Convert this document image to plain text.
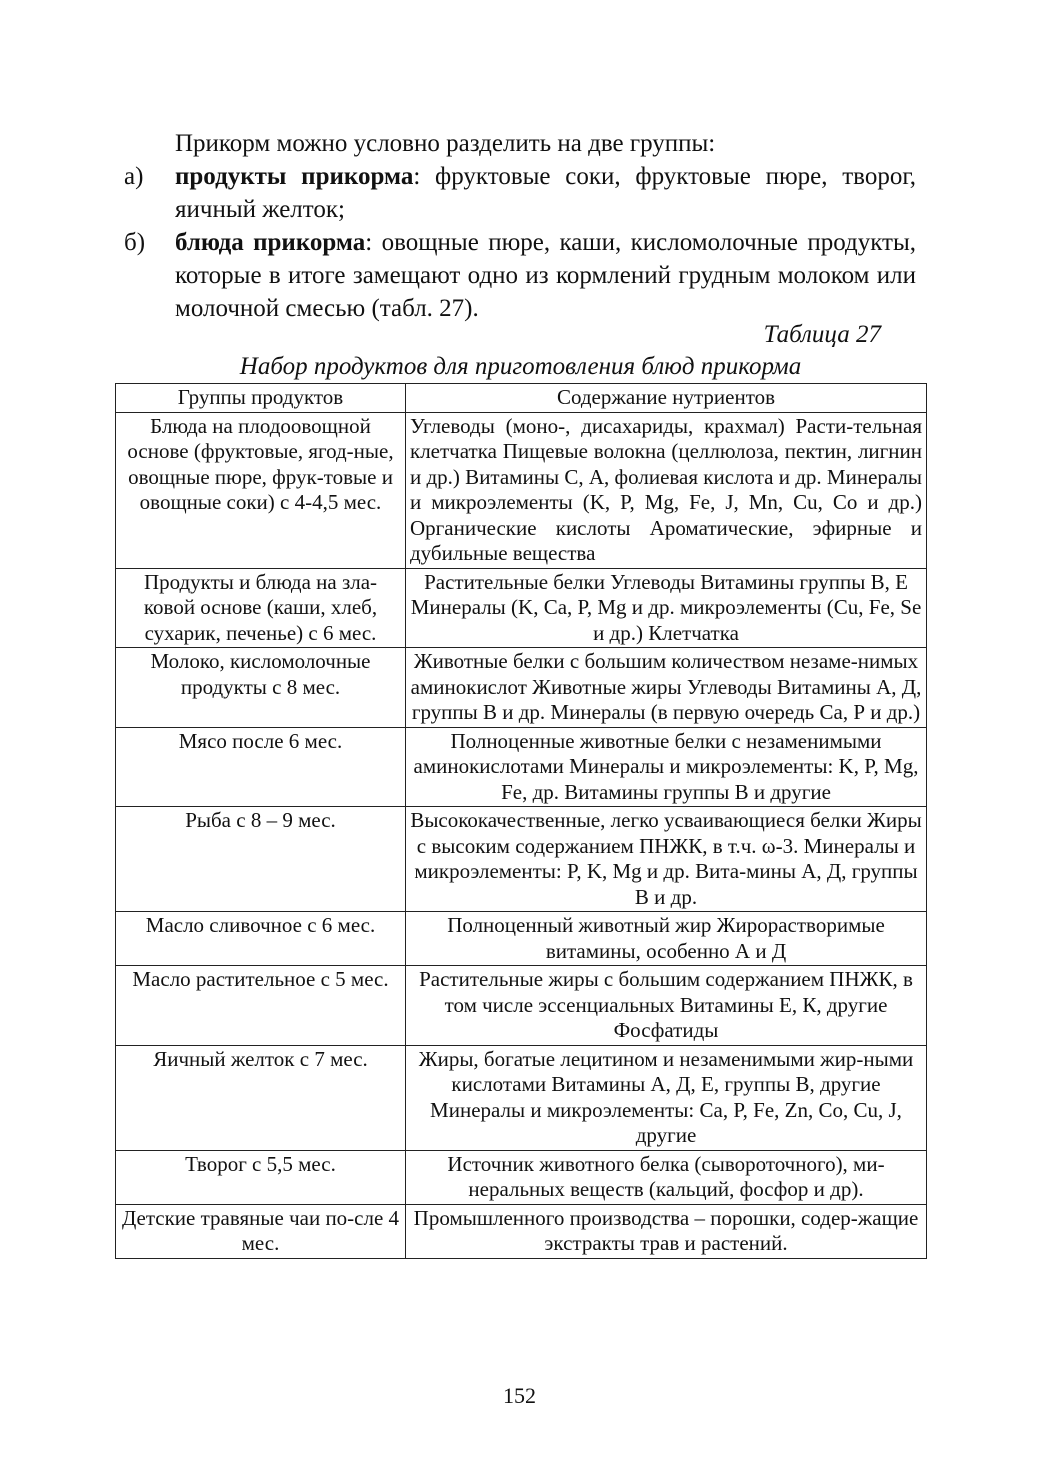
Прикорм можно условно разделить на две группы:
а) продукты прикорма: фруктовые соки, фруктовые пюре, творог, яичный желток;
б) блюда прикорма: овощные пюре, каши, кисломолочные продукты, которые в итоге замещают одно из кормлений грудным молоком или молочной смесью (табл. 27).
Таблица 27
Набор продуктов для приготовления блюд прикорма
Группы продуктов	Содержание нутриентов
Блюда на плодоовощной основе (фруктовые, ягод-ные, овощные пюре, фрук-товые и овощные соки) с 4-4,5 мес.	Углеводы (моно-, дисахариды, крахмал) Расти-тельная клетчатка Пищевые волокна (целлюлоза, пектин, лигнин и др.) Витамины С, А, фолиевая кислота и др. Минералы и микроэлементы (K, P, Mg, Fe, J, Mn, Cu, Co и др.) Органические кислоты Ароматические, эфирные и дубильные вещества
Продукты и блюда на зла-ковой основе (каши, хлеб, сухарик, печенье) с 6 мес.	Растительные белки Углеводы Витамины группы В, Е Минералы (K, Ca, P, Mg и др. микроэлементы (Cu, Fe, Se и др.) Клетчатка
Молоко, кисломолочные продукты с 8 мес.	Животные белки с большим количеством незаме-нимых аминокислот Животные жиры Углеводы Витамины А, Д, группы В и др. Минералы (в первую очередь Са, Р и др.)
Мясо после 6 мес.	Полноценные животные белки с незаменимыми аминокислотами Минералы и микроэлементы: K, P, Mg, Fe, др. Витамины группы В и другие
Рыба с 8 – 9 мес.	Высококачественные, легко усваивающиеся белки Жиры с высоким содержанием ПНЖК, в т.ч. ω-3. Минералы и микроэлементы: P, K, Mg и др. Вита-мины А, Д, группы В и др.
Масло сливочное с 6 мес.	Полноценный животный жир Жирорастворимые витамины, особенно А и Д
Масло растительное с 5 мес.	Растительные жиры с большим содержанием ПНЖК, в том числе эссенциальных Витамины Е, К, другие Фосфатиды
Яичный желток с 7 мес.	Жиры, богатые лецитином и незаменимыми жир-ными кислотами Витамины А, Д, Е, группы В, другие Минералы и микроэлементы: Ca, P, Fe, Zn, Co, Cu, J, другие
Творог с 5,5 мес.	Источник животного белка (сывороточного), ми-неральных веществ (кальций, фосфор и др).
Детские травяные чаи по-сле 4 мес.	Промышленного производства – порошки, содер-жащие экстракты трав и растений.
152
